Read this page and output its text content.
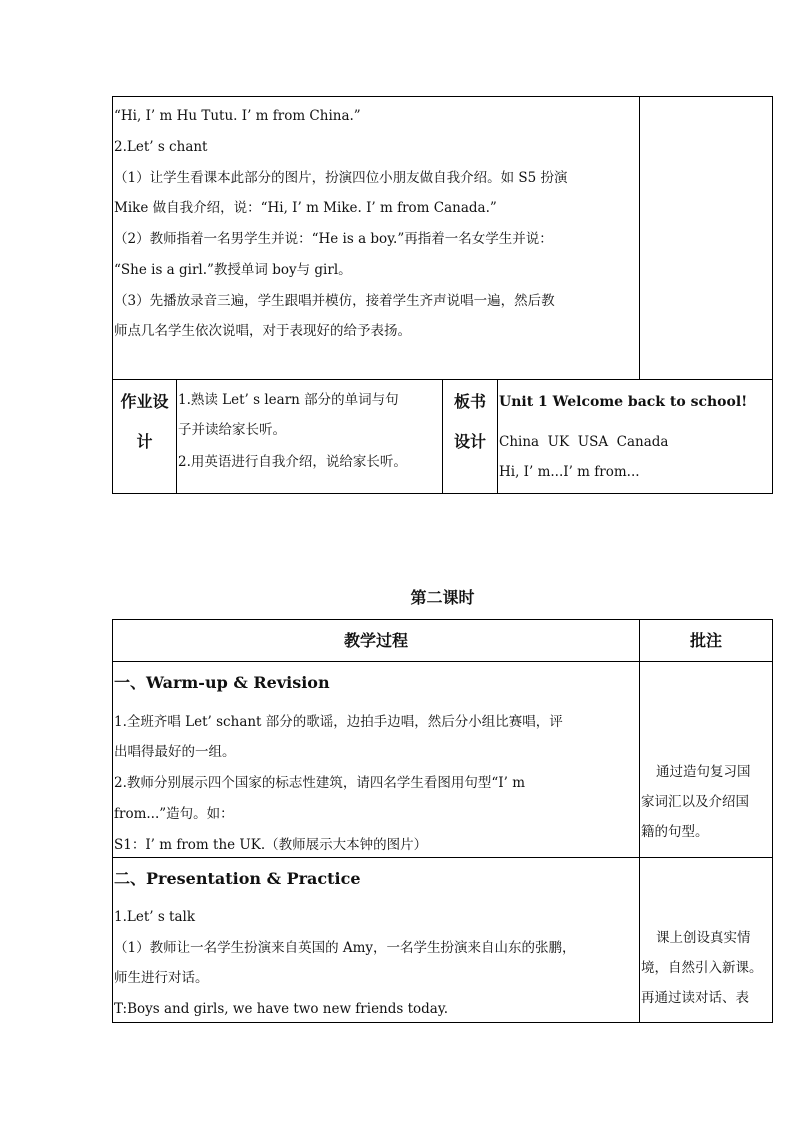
“Hi, I’ m Hu Tutu. I’ m from China.”
2.Let’ s chant
（1）让学生看课本此部分的图片，扮演四位小朋友做自我介绍。如 S5 扮演
Mike 做自我介绍，说：“Hi, I’ m Mike. I’ m from Canada.”
（2）教师指着一名男学生并说：“He is a boy.”再指着一名女学生并说：
“She is a girl.”教授单词 boy与 girl。
（3）先播放录音三遍，学生跟唱并模仿，接着学生齐声说唱一遍，然后教
师点几名学生依次说唱，对于表现好的给予表扬。
作业设
计
1.熟读 Let’ s learn 部分的单词与句
子并读给家长听。
2.用英语进行自我介绍，说给家长听。
板书
设计
Unit 1 Welcome back to school!
China  UK  USA  Canada
Hi, I’ m...I’ m from...
第二课时
教学过程	批注
一、Warm-up & Revision
1.全班齐唱 Let’ schant 部分的歌谣，边拍手边唱，然后分小组比赛唱，评
出唱得最好的一组。
2.教师分别展示四个国家的标志性建筑，请四名学生看图用句型“I’ m
from...”造句。如：
S1：I’ m from the UK.（教师展示大本钟的图片）
通过造句复习国
家词汇以及介绍国
籍的句型。
二、Presentation & Practice
1.Let’ s talk
（1）教师让一名学生扮演来自英国的 Amy，一名学生扮演来自山东的张鹏，
师生进行对话。
T:Boys and girls, we have two new friends today.
课上创设真实情
境，自然引入新课。
再通过读对话、表
